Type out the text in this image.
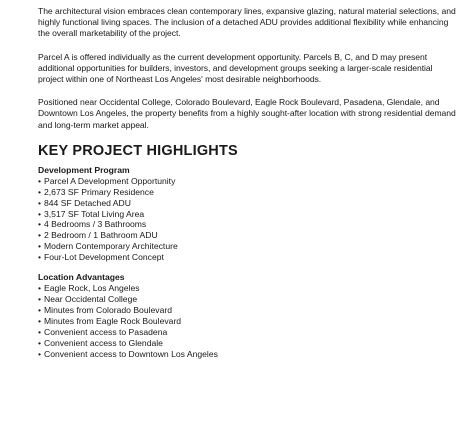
The architectural vision embraces clean contemporary lines, expansive glazing, natural material selections, and highly functional living spaces. The inclusion of a detached ADU provides additional flexibility while enhancing the overall marketability of the project.

Parcel A is offered individually as the current development opportunity. Parcels B, C, and D may present additional opportunities for builders, investors, and development groups seeking a larger-scale residential project within one of Northeast Los Angeles' most desirable neighborhoods.

Positioned near Occidental College, Colorado Boulevard, Eagle Rock Boulevard, Pasadena, Glendale, and Downtown Los Angeles, the property benefits from a highly sought-after location with strong residential demand and long-term market appeal.

KEY PROJECT HIGHLIGHTS
Development Program
• Parcel A Development Opportunity
• 2,673 SF Primary Residence
• 844 SF Detached ADU
• 3,517 SF Total Living Area
• 4 Bedrooms / 3 Bathrooms
• 2 Bedroom / 1 Bathroom ADU
• Modern Contemporary Architecture
• Four-Lot Development Concept
Location Advantages
• Eagle Rock, Los Angeles
• Near Occidental College
• Minutes from Colorado Boulevard
• Minutes from Eagle Rock Boulevard
• Convenient access to Pasadena
• Convenient access to Glendale
• Convenient access to Downtown Los Angeles
